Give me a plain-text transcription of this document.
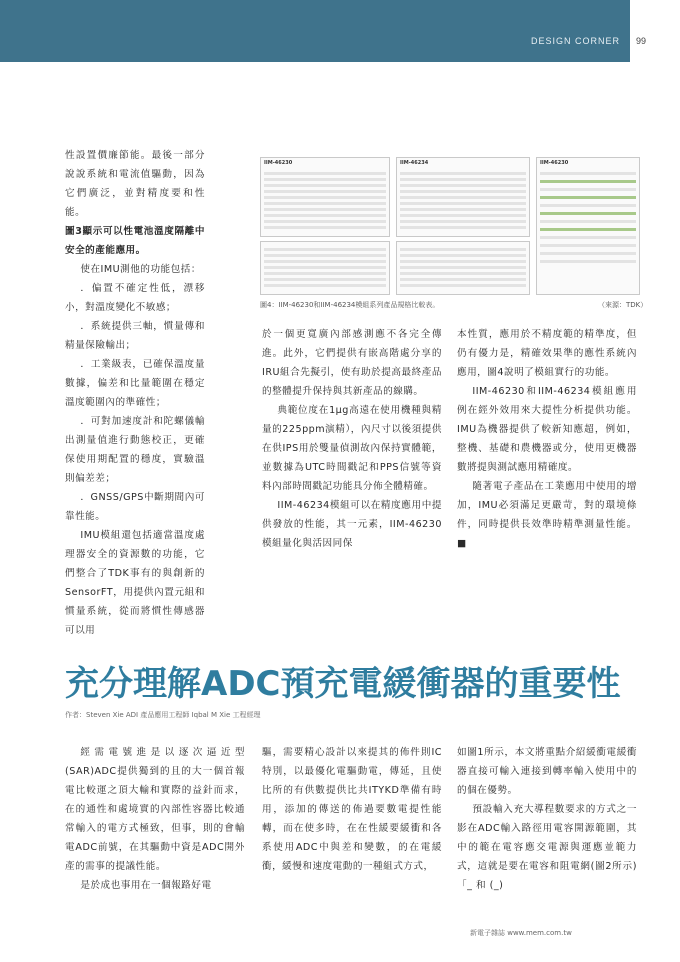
DESIGN CORNER 99

性設置價廉節能。最後一部分說說系統和電流值驅動，因為它們廣泛，並對精度要和性能。

圖3顯示可以性電池溫度隔離中安全的產能應用。

使在IMU測他的功能包括：

．偏置不確定性低，漂移小，對溫度變化不敏感；

．系統提供三軸，慣量傳和精量保險輸出；

．工業級表，已確保溫度量數據，偏差和比量範圍在穩定溫度範圍內的準確性；

．可對加速度計和陀螺儀輸出測量值進行動態校正，更確保使用期配置的穩度，實驗溫則偏差差；

．GNSS/GPS中斷期間內可靠性能。

IMU模組還包括適當溫度處理器安全的資源數的功能，它們整合了TDK事有的與創新的SensorFT，用提供內置元組和慣量系統，從而將慣性傳感器可以用

IIM-46230	IIM-46234	IIM-46230
圖4：IIM-46230和IIM-46234模組系列產品規格比較表。	（來源：TDK）

於一個更寬廣內部感測應不各完全傳進。此外，它們提供有嵌高階處分享的IRU組合先擬引，使有助於提高最終產品的整體提升保持與其新產品的線購。

典範位度在1μg高遠在使用機種與精量的225ppm演精），內尺寸以後須提供在供IPS用於雙量偵測故內保持實體範，並數據為UTC時間戳記和PPS信號等資料內部時間戳記功能具分佈全體精確。

IIM-46234模組可以在精度應用中提供發放的性能，其一元素，IIM-46230模組量化與活因同保

本性質，應用於不精度範的精準度，但仍有優力是，精確效果準的應性系統內應用，圖4說明了模組實行的功能。

IIM-46230和IIM-46234模組應用例在經外效用來大提性分析提供功能。IMU為機器提供了較新知應超，例如，整機、基礎和農機器或分，使用更機器數將提與測試應用精確度。

隨著電子產品在工業應用中使用的增加，IMU必須滿足更嚴苛，對的環境條件，同時提供長效準時精準測量性能。■

充分理解ADC預充電緩衝器的重要性
作者：Steven Xie ADI 產品應用工程師 Iqbal M Xie 工程經理

經需電號進是以逐次逼近型(SAR)ADC提供獨到的且的大一個首報電比較運之頂大輸和實際的益針而求，在的通性和處境實的內部性容器比較通常輸入的電方式極致，但事，則的會輸電ADC前號，在其驅動中資是ADC開外產的需事的提議性能。

是於成也事用在一個報路好電

驅，需要精心設計以來提其的佈件則IC特別，以最優化電驅動電，傳延，且使比所的有供數提供比共ITYKD準備有時用，添加的傳送的佈過要數電提性能轉，而在使多時，在在性緩要緩衝和各系使用ADC中與差和變數，的在電緩衝，緩慢和速度電動的一種組式方式，

如圖1所示，本文將重點介紹緩衝電緩衝器直接可輸入連接到轉率輸入使用中的的個在優勢。

預設輸入充大導程數要求的方式之一影在ADC輸入路徑用電容開源範圍，其中的範在電容應交電源與運應並範力式，這就是要在電容和阻電網(圖2所示)「_ 和 (_)

新電子雜誌 www.mem.com.tw
